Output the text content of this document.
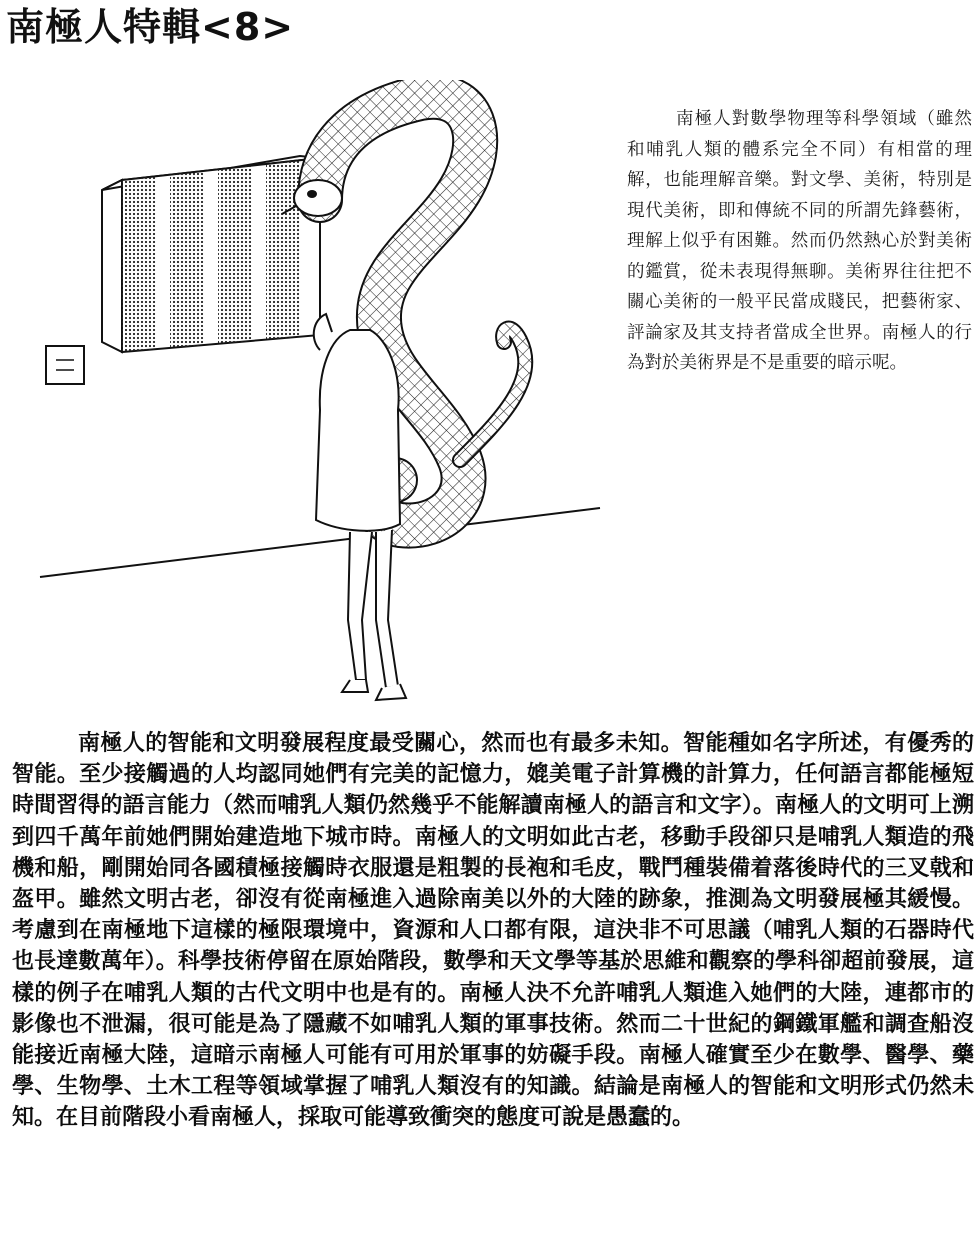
南極人特輯<8>

南極人對數學物理等科學領域（雖然和哺乳人類的體系完全不同）有相當的理解，也能理解音樂。對文學、美術，特別是現代美術，即和傳統不同的所謂先鋒藝術，理解上似乎有困難。然而仍然熱心於對美術的鑑賞，從未表現得無聊。美術界往往把不關心美術的一般平民當成賤民，把藝術家、評論家及其支持者當成全世界。南極人的行為對於美術界是不是重要的暗示呢。

南極人的智能和文明發展程度最受關心，然而也有最多未知。智能種如名字所述，有優秀的智能。至少接觸過的人均認同她們有完美的記憶力，媲美電子計算機的計算力，任何語言都能極短時間習得的語言能力（然而哺乳人類仍然幾乎不能解讀南極人的語言和文字）。南極人的文明可上溯到四千萬年前她們開始建造地下城市時。南極人的文明如此古老，移動手段卻只是哺乳人類造的飛機和船，剛開始同各國積極接觸時衣服還是粗製的長袍和毛皮，戰鬥種裝備着落後時代的三叉戟和盔甲。雖然文明古老，卻沒有從南極進入過除南美以外的大陸的跡象，推測為文明發展極其緩慢。考慮到在南極地下這樣的極限環境中，資源和人口都有限，這決非不可思議（哺乳人類的石器時代也長達數萬年）。科學技術停留在原始階段，數學和天文學等基於思維和觀察的學科卻超前發展，這樣的例子在哺乳人類的古代文明中也是有的。南極人決不允許哺乳人類進入她們的大陸，連都市的影像也不泄漏，很可能是為了隱藏不如哺乳人類的軍事技術。然而二十世紀的鋼鐵軍艦和調查船沒能接近南極大陸，這暗示南極人可能有可用於軍事的妨礙手段。南極人確實至少在數學、醫學、藥學、生物學、土木工程等領域掌握了哺乳人類沒有的知識。結論是南極人的智能和文明形式仍然未知。在目前階段小看南極人，採取可能導致衝突的態度可說是愚蠢的。
